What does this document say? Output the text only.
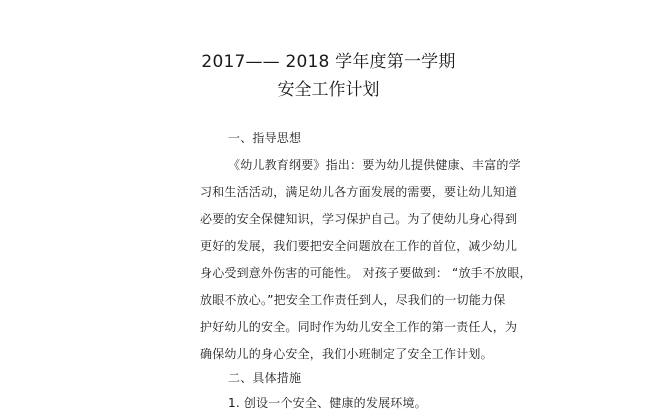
2017—— 2018 学年度第一学期
安全工作计划
一、指导思想
《幼儿教育纲要》指出：要为幼儿提供健康、丰富的学
习和生活活动，满足幼儿各方面发展的需要，要让幼儿知道
必要的安全保健知识，学习保护自己。为了使幼儿身心得到
更好的发展，我们要把安全问题放在工作的首位，减少幼儿
身心受到意外伤害的可能性。 对孩子要做到： “放手不放眼，
放眼不放心。”把安全工作责任到人，尽我们的一切能力保
护好幼儿的安全。同时作为幼儿安全工作的第一责任人，为
确保幼儿的身心安全，我们小班制定了安全工作计划。
二、具体措施
1. 创设一个安全、健康的发展环境。
